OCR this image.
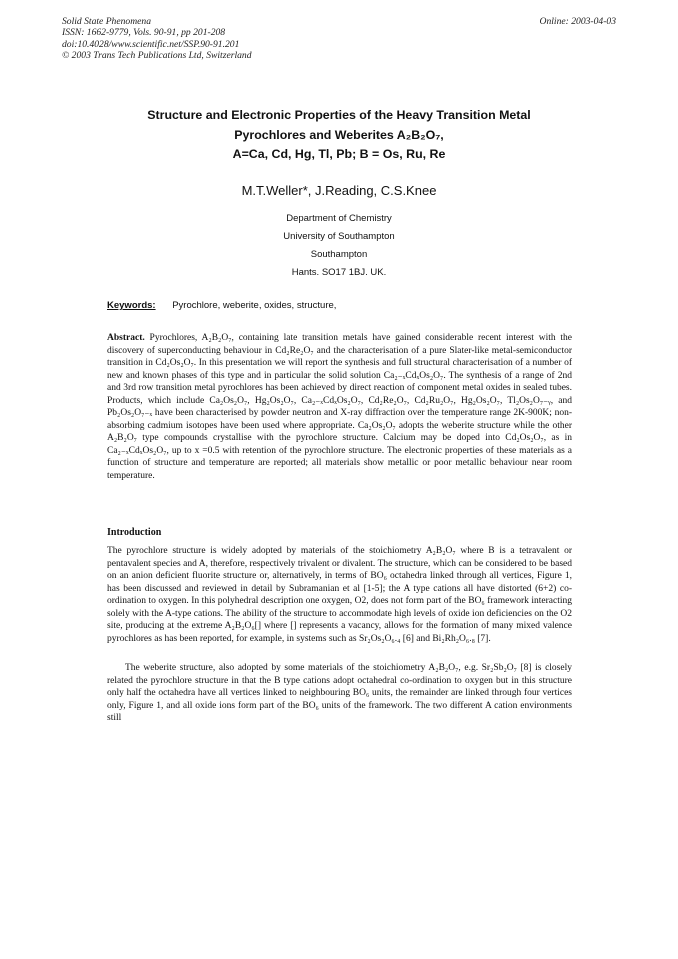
Solid State Phenomena
ISSN: 1662-9779, Vols. 90-91, pp 201-208
doi:10.4028/www.scientific.net/SSP.90-91.201
© 2003 Trans Tech Publications Ltd, Switzerland
Online: 2003-04-03
Structure and Electronic Properties of the Heavy Transition Metal
Pyrochlores and Weberites A₂B₂O₇,
A=Ca, Cd, Hg, Tl, Pb; B = Os, Ru, Re
M.T.Weller*, J.Reading, C.S.Knee
Department of Chemistry
University of Southampton
Southampton
Hants. SO17 1BJ. UK.
Keywords: Pyrochlore, weberite, oxides, structure,
Abstract. Pyrochlores, A₂B₂O₇, containing late transition metals have gained considerable recent interest with the discovery of superconducting behaviour in Cd₂Re₂O₇ and the characterisation of a pure Slater-like metal-semiconductor transition in Cd₂Os₂O₇. In this presentation we will report the synthesis and full structural characterisation of a number of new and known phases of this type and in particular the solid solution Ca₂₋ₓCdₓOs₂O₇. The synthesis of a range of 2nd and 3rd row transition metal pyrochlores has been achieved by direct reaction of component metal oxides in sealed tubes. Products, which include Ca₂Os₂O₇, Hg₂Os₂O₇, Ca₂₋ₓCdₓOs₂O₇, Cd₂Re₂O₇, Cd₂Ru₂O₇, Hg₂Os₂O₇, Tl₂Os₂O₇₋ᵧ, and Pb₂Os₂O₇₋ₓ have been characterised by powder neutron and X-ray diffraction over the temperature range 2K-900K; non-absorbing cadmium isotopes have been used where appropriate. Ca₂Os₂O₇ adopts the weberite structure while the other A₂B₂O₇ type compounds crystallise with the pyrochlore structure. Calcium may be doped into Cd₂Os₂O₇, as in Ca₂₋ₓCdₓOs₂O₇, up to x =0.5 with retention of the pyrochlore structure. The electronic properties of these materials as a function of structure and temperature are reported; all materials show metallic or poor metallic behaviour near room temperature.
Introduction
The pyrochlore structure is widely adopted by materials of the stoichiometry A₂B₂O₇ where B is a tetravalent or pentavalent species and A, therefore, respectively trivalent or divalent. The structure, which can be considered to be based on an anion deficient fluorite structure or, alternatively, in terms of BO₆ octahedra linked through all vertices, Figure 1, has been discussed and reviewed in detail by Subramanian et al [1-5]; the A type cations all have distorted (6+2) co-ordination to oxygen. In this polyhedral description one oxygen, O2, does not form part of the BO₆ framework interacting solely with the A-type cations. The ability of the structure to accommodate high levels of oxide ion deficiencies on the O2 site, producing at the extreme A₂B₂O₆[] where [] represents a vacancy, allows for the formation of many mixed valence pyrochlores as has been reported, for example, in systems such as Sr₂Os₂O₆.₄ [6] and Bi₂Rh₂O₆.₈ [7].
The weberite structure, also adopted by some materials of the stoichiometry A₂B₂O₇, e.g. Sr₂Sb₂O₇ [8] is closely related the pyrochlore structure in that the B type cations adopt octahedral co-ordination to oxygen but in this structure only half the octahedra have all vertices linked to neighbouring BO₆ units, the remainder are linked through four vertices only, Figure 1, and all oxide ions form part of the BO₆ units of the framework. The two different A cation environments still
